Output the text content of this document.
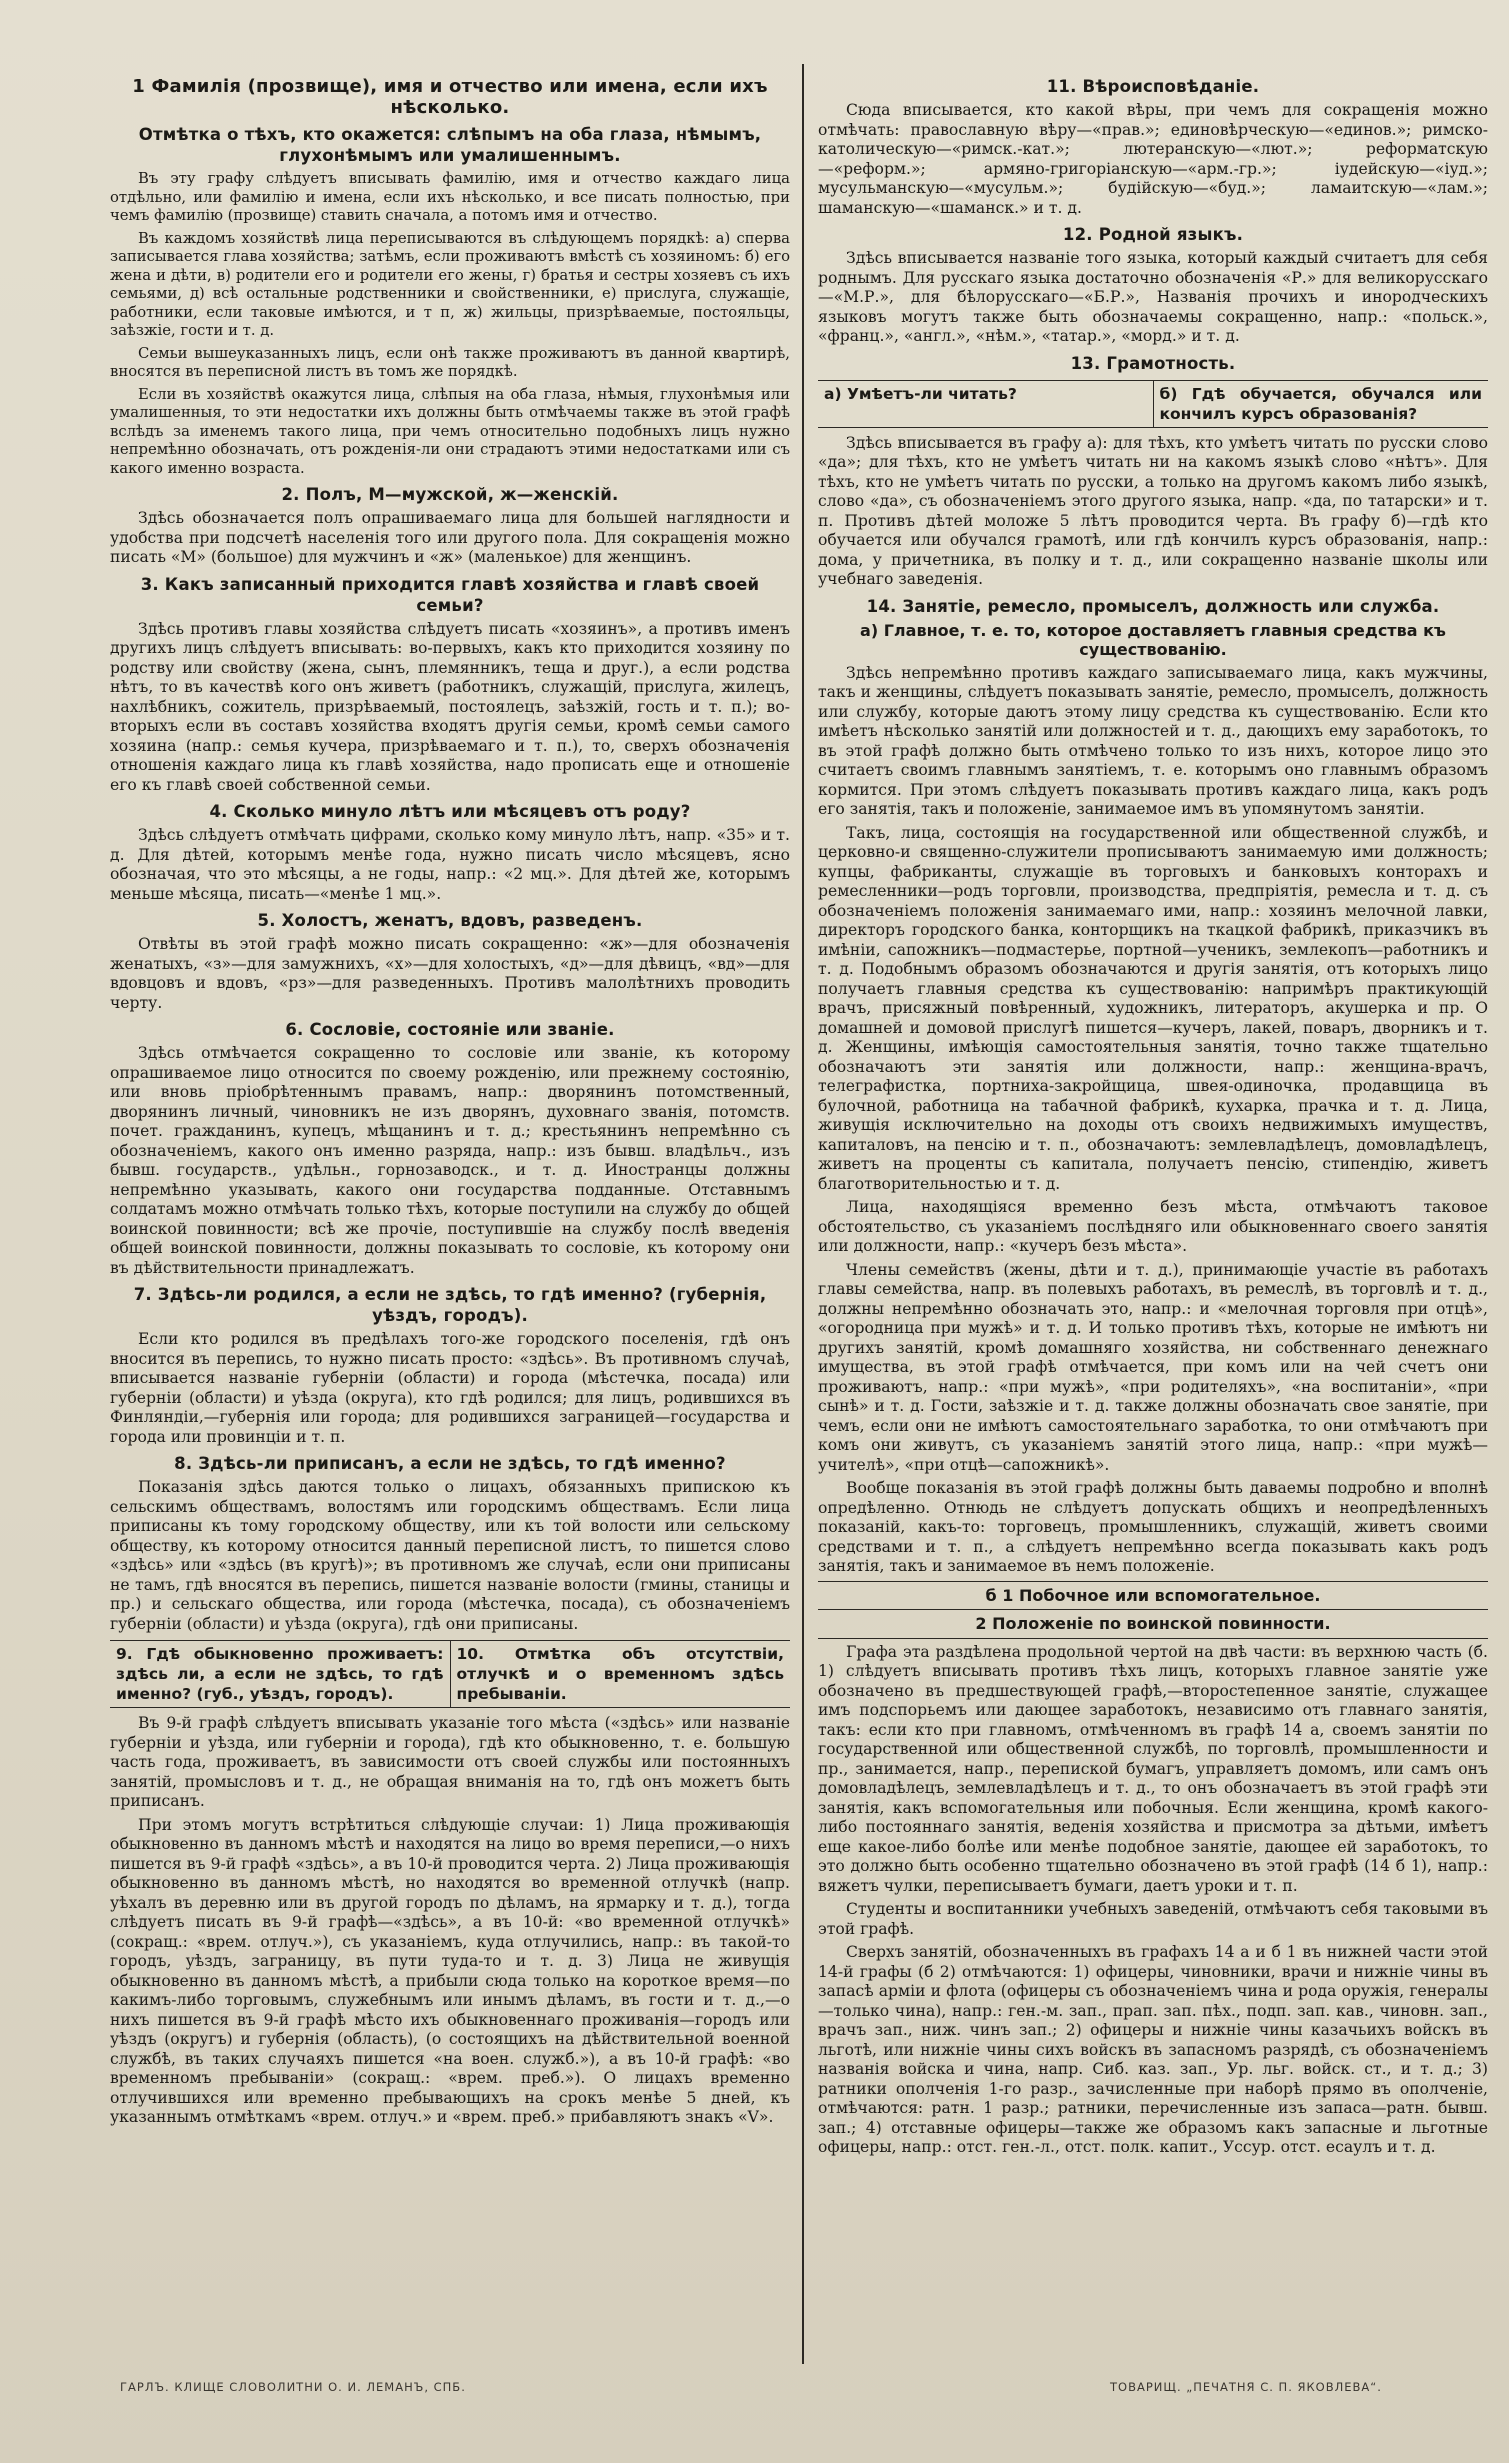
1 Фамилія (прозвище), имя и отчество или имена, если ихъ нѣсколько.
Отмѣтка о тѣхъ, кто окажется: слѣпымъ на оба глаза, нѣмымъ, глухонѣмымъ или умалишеннымъ.

Въ эту графу слѣдуетъ вписывать фамилію, имя и отчество каждаго лица отдѣльно, или фамилію и имена, если ихъ нѣсколько, и все писать полностью, при чемъ фамилію (прозвище) ставить сначала, а потомъ имя и отчество.

Въ каждомъ хозяйствѣ лица переписываются въ слѣдующемъ порядкѣ: а) сперва записывается глава хозяйства; затѣмъ, если проживаютъ вмѣстѣ съ хозяиномъ: б) его жена и дѣти, в) родители его и родители его жены, г) братья и сестры хозяевъ съ ихъ семьями, д) всѣ остальные родственники и свойственники, е) прислуга, служащіе, работники, если таковые имѣются, и т п, ж) жильцы, призрѣваемые, постояльцы, заѣзжіе, гости и т. д.

Семьи вышеуказанныхъ лицъ, если онѣ также проживаютъ въ данной квартирѣ, вносятся въ переписной листъ въ томъ же порядкѣ.

Если въ хозяйствѣ окажутся лица, слѣпыя на оба глаза, нѣмыя, глухонѣмыя или умалишенныя, то эти недостатки ихъ должны быть отмѣчаемы также въ этой графѣ вслѣдъ за именемъ такого лица, при чемъ относительно подобныхъ лицъ нужно непремѣнно обозначать, отъ рожденія-ли они страдаютъ этими недостатками или съ какого именно возраста.

2. Полъ, М—мужской, ж—женскій.

Здѣсь обозначается полъ опрашиваемаго лица для большей наглядности и удобства при подсчетѣ населенія того или другого пола. Для сокращенія можно писать «М» (большое) для мужчинъ и «ж» (маленькое) для женщинъ.

3. Какъ записанный приходится главѣ хозяйства и главѣ своей семьи?

Здѣсь противъ главы хозяйства слѣдуетъ писать «хозяинъ», а противъ именъ другихъ лицъ слѣдуетъ вписывать: во-первыхъ, какъ кто приходится хозяину по родству или свойству (жена, сынъ, племянникъ, теща и друг.), а если родства нѣтъ, то въ качествѣ кого онъ живетъ (работникъ, служащій, прислуга, жилецъ, нахлѣбникъ, сожитель, призрѣваемый, постоялецъ, заѣзжій, гость и т. п.); во-вторыхъ если въ составъ хозяйства входятъ другія семьи, кромѣ семьи самого хозяина (напр.: семья кучера, призрѣваемаго и т. п.), то, сверхъ обозначенія отношенія каждаго лица къ главѣ хозяйства, надо прописать еще и отношеніе его къ главѣ своей собственной семьи.

4. Сколько минуло лѣтъ или мѣсяцевъ отъ роду?

Здѣсь слѣдуетъ отмѣчать цифрами, сколько кому минуло лѣтъ, напр. «35» и т. д. Для дѣтей, которымъ менѣе года, нужно писать число мѣсяцевъ, ясно обозначая, что это мѣсяцы, а не годы, напр.: «2 мц.». Для дѣтей же, которымъ меньше мѣсяца, писать—«менѣе 1 мц.».

5. Холостъ, женатъ, вдовъ, разведенъ.

Отвѣты въ этой графѣ можно писать сокращенно: «ж»—для обозначенія женатыхъ, «з»—для замужнихъ, «х»—для холостыхъ, «д»—для дѣвицъ, «вд»—для вдовцовъ и вдовъ, «рз»—для разведенныхъ. Противъ малолѣтнихъ проводить черту.

6. Сословіе, состояніе или званіе.

Здѣсь отмѣчается сокращенно то сословіе или званіе, къ которому опрашиваемое лицо относится по своему рожденію, или прежнему состоянію, или вновь пріобрѣтеннымъ правамъ, напр.: дворянинъ потомственный, дворянинъ личный, чиновникъ не изъ дворянъ, духовнаго званія, потомств. почет. гражданинъ, купецъ, мѣщанинъ и т. д.; крестьянинъ непремѣнно съ обозначеніемъ, какого онъ именно разряда, напр.: изъ бывш. владѣльч., изъ бывш. государств., удѣльн., горнозаводск., и т. д. Иностранцы должны непремѣнно указывать, какого они государства подданные. Отставнымъ солдатамъ можно отмѣчать только тѣхъ, которые поступили на службу до общей воинской повинности; всѣ же прочіе, поступившіе на службу послѣ введенія общей воинской повинности, должны показывать то сословіе, къ которому они въ дѣйствительности принадлежатъ.

7. Здѣсь-ли родился, а если не здѣсь, то гдѣ именно? (губернія, уѣздъ, городъ).

Если кто родился въ предѣлахъ того-же городского поселенія, гдѣ онъ вносится въ перепись, то нужно писать просто: «здѣсь». Въ противномъ случаѣ, вписывается названіе губерніи (области) и города (мѣстечка, посада) или губерніи (области) и уѣзда (округа), кто гдѣ родился; для лицъ, родившихся въ Финляндіи,—губернія или города; для родившихся заграницей—государства и города или провинціи и т. п.

8. Здѣсь-ли приписанъ, а если не здѣсь, то гдѣ именно?

Показанія здѣсь даются только о лицахъ, обязанныхъ припискою къ сельскимъ обществамъ, волостямъ или городскимъ обществамъ. Если лица приписаны къ тому городскому обществу, или къ той волости или сельскому обществу, къ которому относится данный переписной листъ, то пишется слово «здѣсь» или «здѣсь (въ кругѣ)»; въ противномъ же случаѣ, если они приписаны не тамъ, гдѣ вносятся въ перепись, пишется названіе волости (гмины, станицы и пр.) и сельскаго общества, или города (мѣстечка, посада), съ обозначеніемъ губерніи (области) и уѣзда (округа), гдѣ они приписаны.

9. Гдѣ обыкновенно проживаетъ: здѣсь ли, а если не здѣсь, то гдѣ именно? (губ., уѣздъ, городъ).
10. Отмѣтка объ отсутствіи, отлучкѣ и о временномъ здѣсь пребываніи.

Въ 9-й графѣ слѣдуетъ вписывать указаніе того мѣста («здѣсь» или названіе губерніи и уѣзда, или губерніи и города), гдѣ кто обыкновенно, т. е. большую часть года, проживаетъ, въ зависимости отъ своей службы или постоянныхъ занятій, промысловъ и т. д., не обращая вниманія на то, гдѣ онъ можетъ быть приписанъ.

При этомъ могутъ встрѣтиться слѣдующіе случаи: 1) Лица проживающія обыкновенно въ данномъ мѣстѣ и находятся на лицо во время переписи,—о нихъ пишется въ 9-й графѣ «здѣсь», а въ 10-й проводится черта. 2) Лица проживающія обыкновенно въ данномъ мѣстѣ, но находятся во временной отлучкѣ (напр. уѣхалъ въ деревню или въ другой городъ по дѣламъ, на ярмарку и т. д.), тогда слѣдуетъ писать въ 9-й графѣ—«здѣсь», а въ 10-й: «во временной отлучкѣ» (сокращ.: «врем. отлуч.»), съ указаніемъ, куда отлучились, напр.: въ такой-то городъ, уѣздъ, заграницу, въ пути туда-то и т. д. 3) Лица не живущія обыкновенно въ данномъ мѣстѣ, а прибыли сюда только на короткое время—по какимъ-либо торговымъ, служебнымъ или инымъ дѣламъ, въ гости и т. д.,—о нихъ пишется въ 9-й графѣ мѣсто ихъ обыкновеннаго проживанія—городъ или уѣздъ (округъ) и губернія (область), (о состоящихъ на дѣйствительной военной службѣ, въ таких случаяхъ пишется «на воен. служб.»), а въ 10-й графѣ: «во временномъ пребываніи» (сокращ.: «врем. преб.»). О лицахъ временно отлучившихся или временно пребывающихъ на срокъ менѣе 5 дней, къ указаннымъ отмѣткамъ «врем. отлуч.» и «врем. преб.» прибавляютъ знакъ «V».

11. Вѣроисповѣданіе.

Сюда вписывается, кто какой вѣры, при чемъ для сокращенія можно отмѣчать: православную вѣру—«прав.»; единовѣрческую—«единов.»; римско-католическую—«римск.-кат.»; лютеранскую—«лют.»; реформатскую—«реформ.»; армяно-григоріанскую—«арм.-гр.»; іудейскую—«іуд.»; мусульманскую—«мусульм.»; будійскую—«буд.»; ламаитскую—«лам.»; шаманскую—«шаманск.» и т. д.

12. Родной языкъ.

Здѣсь вписывается названіе того языка, который каждый считаетъ для себя роднымъ. Для русскаго языка достаточно обозначенія «Р.» для великорусскаго—«М.Р.», для бѣлорусскаго—«Б.Р.», Названія прочихъ и инородческихъ языковъ могутъ также быть обозначаемы сокращенно, напр.: «польск.», «франц.», «англ.», «нѣм.», «татар.», «морд.» и т. д.

13. Грамотность.
а) Умѣетъ-ли читать?	б) Гдѣ обучается, обучался или кончилъ курсъ образованія?

Здѣсь вписывается въ графу а): для тѣхъ, кто умѣетъ читать по русски слово «да»; для тѣхъ, кто не умѣетъ читать ни на какомъ языкѣ слово «нѣтъ». Для тѣхъ, кто не умѣетъ читать по русски, а только на другомъ какомъ либо языкѣ, слово «да», съ обозначеніемъ этого другого языка, напр. «да, по татарски» и т. п. Противъ дѣтей моложе 5 лѣтъ проводится черта. Въ графу б)—гдѣ кто обучается или обучался грамотѣ, или гдѣ кончилъ курсъ образованія, напр.: дома, у причетника, въ полку и т. д., или сокращенно названіе школы или учебнаго заведенія.

14. Занятіе, ремесло, промыселъ, должность или служба.
а) Главное, т. е. то, которое доставляетъ главныя средства къ существованію.

Здѣсь непремѣнно противъ каждаго записываемаго лица, какъ мужчины, такъ и женщины, слѣдуетъ показывать занятіе, ремесло, промыселъ, должность или службу, которые даютъ этому лицу средства къ существованію. Если кто имѣетъ нѣсколько занятій или должностей и т. д., дающихъ ему заработокъ, то въ этой графѣ должно быть отмѣчено только то изъ нихъ, которое лицо это считаетъ своимъ главнымъ занятіемъ, т. е. которымъ оно главнымъ образомъ кормится. При этомъ слѣдуетъ показывать противъ каждаго лица, какъ родъ его занятія, такъ и положеніе, занимаемое имъ въ упомянутомъ занятіи.

Такъ, лица, состоящія на государственной или общественной службѣ, и церковно-и священно-служители прописываютъ занимаемую ими должность; купцы, фабриканты, служащіе въ торговыхъ и банковыхъ конторахъ и ремесленники—родъ торговли, производства, предпріятія, ремесла и т. д. съ обозначеніемъ положенія занимаемаго ими, напр.: хозяинъ мелочной лавки, директоръ городского банка, конторщикъ на ткацкой фабрикѣ, приказчикъ въ имѣніи, сапожникъ—подмастерье, портной—ученикъ, землекопъ—работникъ и т. д. Подобнымъ образомъ обозначаются и другія занятія, отъ которыхъ лицо получаетъ главныя средства къ существованію: напримѣръ практикующій врачъ, присяжный повѣренный, художникъ, литераторъ, акушерка и пр. О домашней и домовой прислугѣ пишется—кучеръ, лакей, поваръ, дворникъ и т. д. Женщины, имѣющія самостоятельныя занятія, точно также тщательно обозначаютъ эти занятія или должности, напр.: женщина-врачъ, телеграфистка, портниха-закройщица, швея-одиночка, продавщица въ булочной, работница на табачной фабрикѣ, кухарка, прачка и т. д. Лица, живущія исключительно на доходы отъ своихъ недвижимыхъ имуществъ, капиталовъ, на пенсію и т. п., обозначаютъ: землевладѣлецъ, домовладѣлецъ, живетъ на проценты съ капитала, получаетъ пенсію, стипендію, живетъ благотворительностью и т. д.

Лица, находящіяся временно безъ мѣста, отмѣчаютъ таковое обстоятельство, съ указаніемъ послѣдняго или обыкновеннаго своего занятія или должности, напр.: «кучеръ безъ мѣста».

Члены семействъ (жены, дѣти и т. д.), принимающіе участіе въ работахъ главы семейства, напр. въ полевыхъ работахъ, въ ремеслѣ, въ торговлѣ и т. д., должны непремѣнно обозначать это, напр.: и «мелочная торговля при отцѣ», «огородница при мужѣ» и т. д. И только противъ тѣхъ, которые не имѣютъ ни другихъ занятій, кромѣ домашняго хозяйства, ни собственнаго денежнаго имущества, въ этой графѣ отмѣчается, при комъ или на чей счетъ они проживаютъ, напр.: «при мужѣ», «при родителяхъ», «на воспитаніи», «при сынѣ» и т. д. Гости, заѣзжіе и т. д. также должны обозначать свое занятіе, при чемъ, если они не имѣютъ самостоятельнаго заработка, то они отмѣчаютъ при комъ они живутъ, съ указаніемъ занятій этого лица, напр.: «при мужѣ—учителѣ», «при отцѣ—сапожникѣ».

Вообще показанія въ этой графѣ должны быть даваемы подробно и вполнѣ опредѣленно. Отнюдь не слѣдуетъ допускать общихъ и неопредѣленныхъ показаній, какъ-то: торговецъ, промышленникъ, служащій, живетъ своими средствами и т. п., а слѣдуетъ непремѣнно всегда показывать какъ родъ занятія, такъ и занимаемое въ немъ положеніе.

б 1 Побочное или вспомогательное.
2 Положеніе по воинской повинности.

Графа эта раздѣлена продольной чертой на двѣ части: въ верхнюю часть (б. 1) слѣдуетъ вписывать противъ тѣхъ лицъ, которыхъ главное занятіе уже обозначено въ предшествующей графѣ,—второстепенное занятіе, служащее имъ подспорьемъ или дающее заработокъ, независимо отъ главнаго занятія, такъ: если кто при главномъ, отмѣченномъ въ графѣ 14 а, своемъ занятіи по государственной или общественной службѣ, по торговлѣ, промышленности и пр., занимается, напр., перепиской бумагъ, управляетъ домомъ, или самъ онъ домовладѣлецъ, землевладѣлецъ и т. д., то онъ обозначаетъ въ этой графѣ эти занятія, какъ вспомогательныя или побочныя. Если женщина, кромѣ какого-либо постояннаго занятія, веденія хозяйства и присмотра за дѣтьми, имѣетъ еще какое-либо болѣе или менѣе подобное занятіе, дающее ей заработокъ, то это должно быть особенно тщательно обозначено въ этой графѣ (14 б 1), напр.: вяжетъ чулки, переписываетъ бумаги, даетъ уроки и т. п.

Студенты и воспитанники учебныхъ заведеній, отмѣчаютъ себя таковыми въ этой графѣ.

Сверхъ занятій, обозначенныхъ въ графахъ 14 а и б 1 въ нижней части этой 14-й графы (б 2) отмѣчаются: 1) офицеры, чиновники, врачи и нижніе чины въ запасѣ арміи и флота (офицеры съ обозначеніемъ чина и рода оружія, генералы—только чина), напр.: ген.-м. зап., прап. зап. пѣх., подп. зап. кав., чиновн. зап., врачъ зап., ниж. чинъ зап.; 2) офицеры и нижніе чины казачьихъ войскъ въ льготѣ, или нижніе чины сихъ войскъ въ запасномъ разрядѣ, съ обозначеніемъ названія войска и чина, напр. Сиб. каз. зап., Ур. льг. войск. ст., и т. д.; 3) ратники ополченія 1-го разр., зачисленные при наборѣ прямо въ ополченіе, отмѣчаются: ратн. 1 разр.; ратники, перечисленные изъ запаса—ратн. бывш. зап.; 4) отставные офицеры—также же образомъ какъ запасные и льготные офицеры, напр.: отст. ген.-л., отст. полк. капит., Уссур. отст. есаулъ и т. д.

ГАРЛЪ. КЛИЩЕ СЛОВОЛИТНИ О. И. ЛЕМАНЪ, СПБ.	ТОВАРИЩ. „ПЕЧАТНЯ С. П. ЯКОВЛЕВА“.
